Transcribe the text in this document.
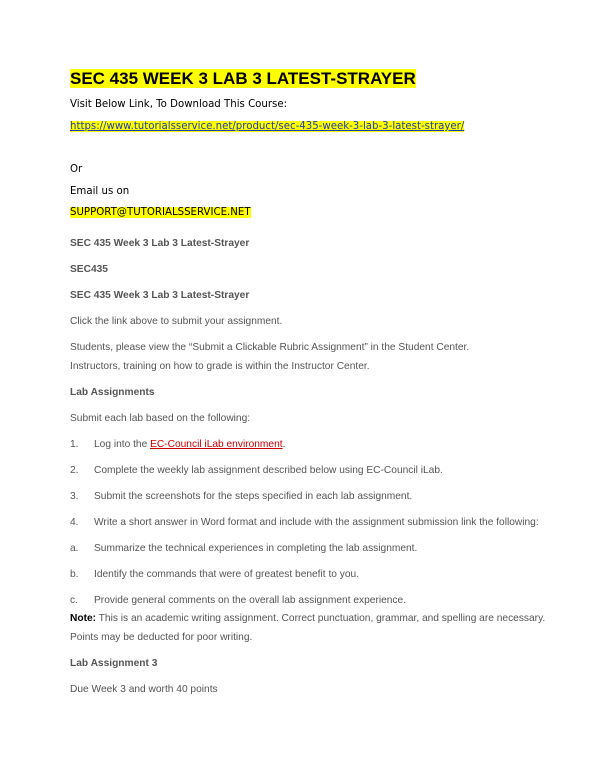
SEC 435 WEEK 3 LAB 3 LATEST-STRAYER
Visit Below Link, To Download This Course:
https://www.tutorialsservice.net/product/sec-435-week-3-lab-3-latest-strayer/
Or
Email us on
SUPPORT@TUTORIALSSERVICE.NET
SEC 435 Week 3 Lab 3 Latest-Strayer
SEC435
SEC 435 Week 3 Lab 3 Latest-Strayer
Click the link above to submit your assignment.
Students, please view the “Submit a Clickable Rubric Assignment” in the Student Center.
Instructors, training on how to grade is within the Instructor Center.
Lab Assignments
Submit each lab based on the following:
1. Log into the EC-Council iLab environment.
2. Complete the weekly lab assignment described below using EC-Council iLab.
3. Submit the screenshots for the steps specified in each lab assignment.
4. Write a short answer in Word format and include with the assignment submission link the following:
a. Summarize the technical experiences in completing the lab assignment.
b. Identify the commands that were of greatest benefit to you.
c. Provide general comments on the overall lab assignment experience.
Note: This is an academic writing assignment. Correct punctuation, grammar, and spelling are necessary.
Points may be deducted for poor writing.
Lab Assignment 3
Due Week 3 and worth 40 points
